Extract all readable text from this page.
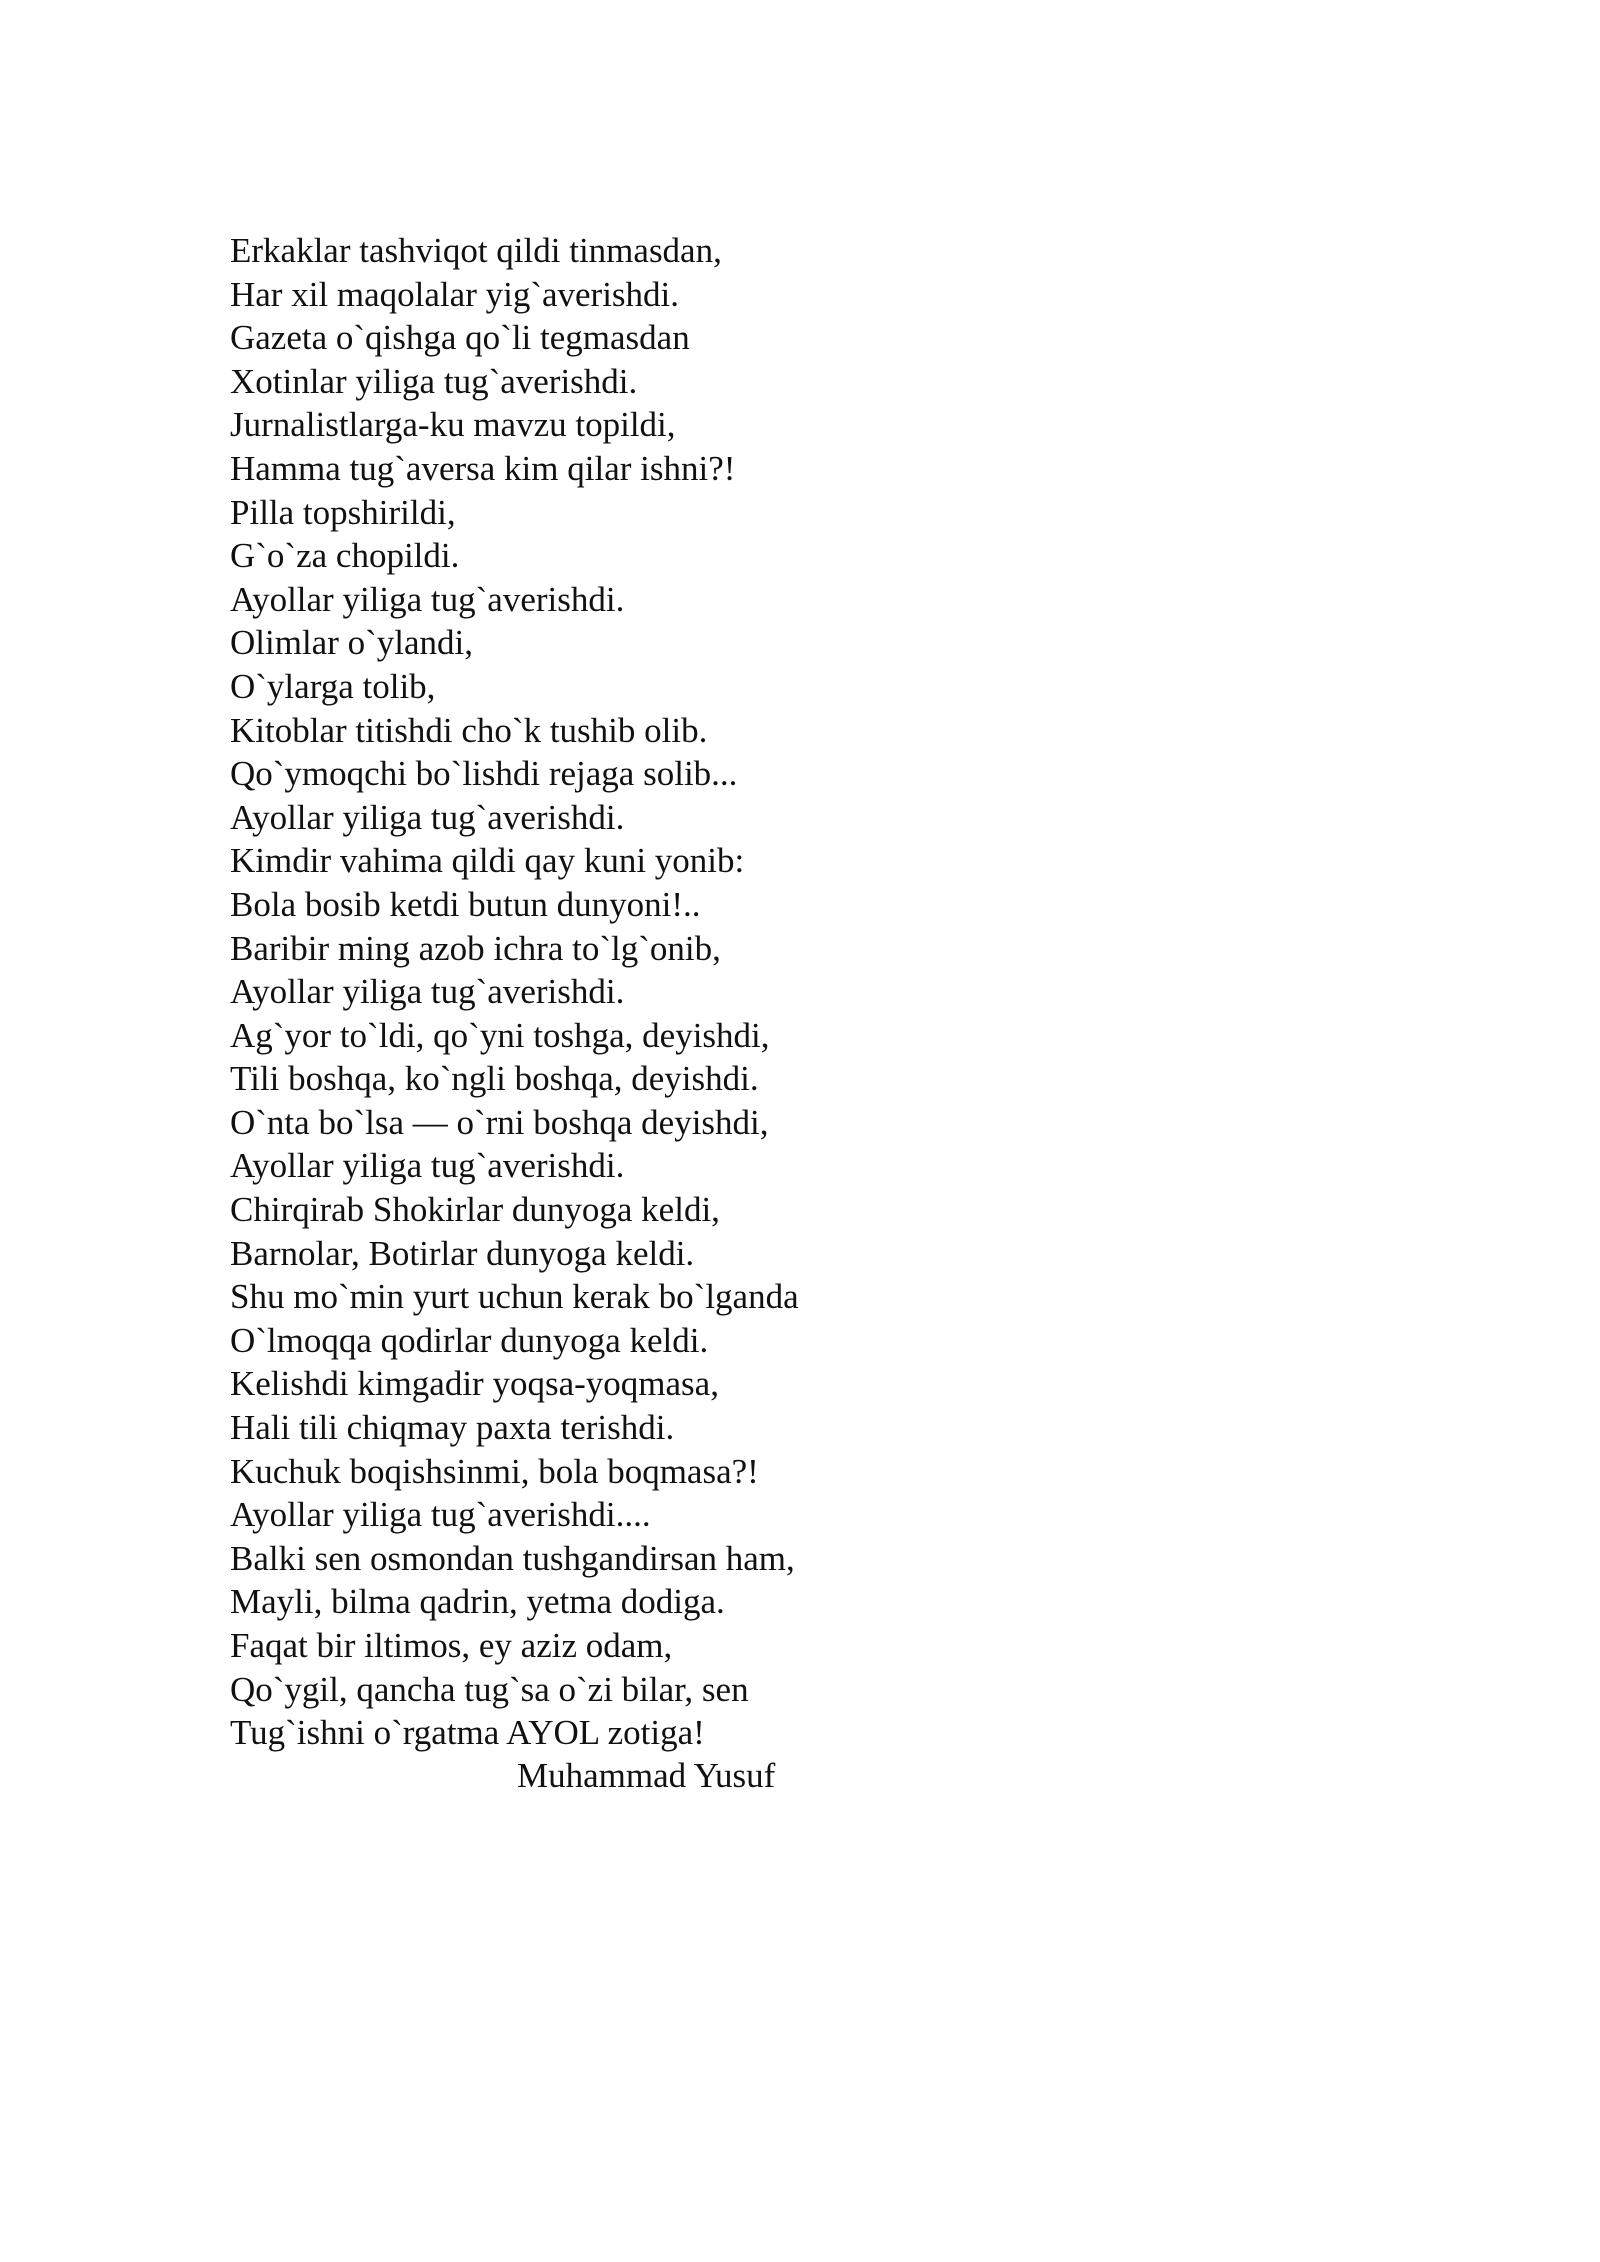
Erkaklar tashviqot qildi tinmasdan,
Har xil maqolalar yig`averishdi.
Gazeta o`qishga qo`li tegmasdan
Xotinlar yiliga tug`averishdi.
Jurnalistlarga-ku mavzu topildi,
Hamma tug`aversa kim qilar ishni?!
Pilla topshirildi,
G`o`za chopildi.
Ayollar yiliga tug`averishdi.
Olimlar o`ylandi,
O`ylarga tolib,
Kitoblar titishdi cho`k tushib olib.
Qo`ymoqchi bo`lishdi rejaga solib...
Ayollar yiliga tug`averishdi.
Kimdir vahima qildi qay kuni yonib:
Bola bosib ketdi butun dunyoni!..
Baribir ming azob ichra to`lg`onib,
Ayollar yiliga tug`averishdi.
Ag`yor to`ldi, qo`yni toshga, deyishdi,
Tili boshqa, ko`ngli boshqa, deyishdi.
O`nta bo`lsa — o`rni boshqa deyishdi,
Ayollar yiliga tug`averishdi.
Chirqirab Shokirlar dunyoga keldi,
Barnolar, Botirlar dunyoga keldi.
Shu mo`min yurt uchun kerak bo`lganda
O`lmoqqa qodirlar dunyoga keldi.
Kelishdi kimgadir yoqsa-yoqmasa,
Hali tili chiqmay paxta terishdi.
Kuchuk boqishsinmi, bola boqmasa?!
Ayollar yiliga tug`averishdi....
Balki sen osmondan tushgandirsan ham,
Mayli, bilma qadrin, yetma dodiga.
Faqat bir iltimos, ey aziz odam,
Qo`ygil, qancha tug`sa o`zi bilar, sen
Tug`ishni o`rgatma AYOL zotiga!
Muhammad Yusuf
